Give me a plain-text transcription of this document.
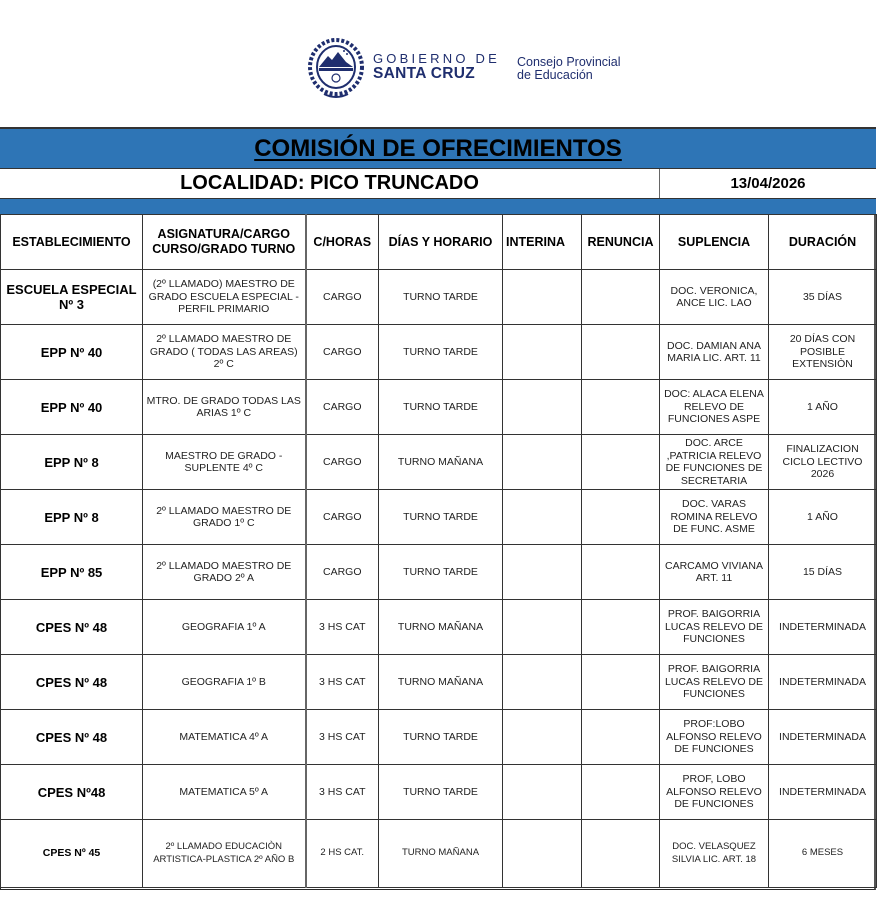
GOBIERNO DE
SANTA CRUZ
Consejo Provincial
de Educación
COMISIÓN DE OFRECIMIENTOS
LOCALIDAD: PICO TRUNCADO	13/04/2026
ESTABLECIMIENTO	ASIGNATURA/CARGO CURSO/GRADO TURNO	C/HORAS	DÍAS Y HORARIO	INTERINA	RENUNCIA	SUPLENCIA	DURACIÓN
ESCUELA ESPECIAL Nº 3	(2º LLAMADO) MAESTRO DE GRADO ESCUELA ESPECIAL - PERFIL PRIMARIO	CARGO	TURNO TARDE			DOC. VERONICA, ANCE LIC. LAO	35 DÍAS
EPP Nº 40	2º LLAMADO MAESTRO DE GRADO ( TODAS LAS AREAS) 2º C	CARGO	TURNO TARDE			DOC. DAMIAN ANA MARIA LIC. ART. 11	20 DÍAS CON POSIBLE EXTENSIÒN
EPP Nº 40	MTRO. DE GRADO TODAS LAS ARIAS 1º C	CARGO	TURNO TARDE			DOC: ALACA ELENA RELEVO DE FUNCIONES ASPE	1 AÑO
EPP Nº 8	MAESTRO DE GRADO -SUPLENTE 4º C	CARGO	TURNO MAÑANA			DOC. ARCE ,PATRICIA RELEVO DE FUNCIONES DE SECRETARIA	FINALIZACION CICLO LECTIVO 2026
EPP Nº 8	2º LLAMADO MAESTRO DE GRADO 1º C	CARGO	TURNO TARDE			DOC. VARAS ROMINA RELEVO DE FUNC. ASME	1 AÑO
EPP Nº 85	2º LLAMADO MAESTRO DE GRADO 2º A	CARGO	TURNO TARDE			CARCAMO VIVIANA ART. 11	15 DÍAS
CPES Nº 48	GEOGRAFIA 1º A	3 HS CAT	TURNO MAÑANA			PROF. BAIGORRIA LUCAS RELEVO DE FUNCIONES	INDETERMINADA
CPES Nº 48	GEOGRAFIA 1º B	3 HS CAT	TURNO MAÑANA			PROF. BAIGORRIA LUCAS RELEVO DE FUNCIONES	INDETERMINADA
CPES Nº 48	MATEMATICA 4º A	3 HS CAT	TURNO TARDE			PROF:LOBO ALFONSO RELEVO DE FUNCIONES	INDETERMINADA
CPES Nº48	MATEMATICA 5º A	3 HS CAT	TURNO TARDE			PROF, LOBO ALFONSO RELEVO DE FUNCIONES	INDETERMINADA
CPES Nº 45	2º LLAMADO EDUCACIÒN ARTISTICA-PLASTICA 2º AÑO B	2 HS CAT.	TURNO MAÑANA			DOC. VELASQUEZ SILVIA LIC. ART. 18	6 MESES
